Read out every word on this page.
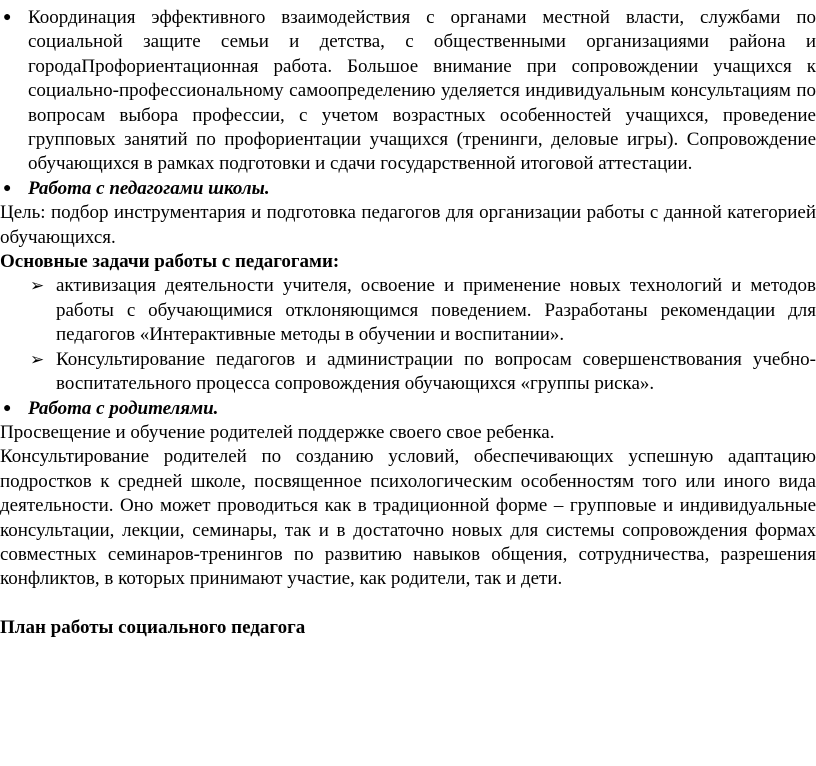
● Координация эффективного взаимодействия с органами местной власти, службами по социальной защите семьи и детства, с общественными организациями района и городаПрофориентационная работа. Большое внимание при сопровождении учащихся к социально-профессиональному самоопределению уделяется индивидуальным консультациям по вопросам выбора профессии, с учетом возрастных особенностей учащихся, проведение групповых занятий по профориентации учащихся (тренинги, деловые игры). Сопровождение обучающихся в рамках подготовки и сдачи государственной итоговой аттестации.
● Работа с педагогами школы.
Цель: подбор инструментария и подготовка педагогов для организации работы с данной категорией обучающихся.
Основные задачи работы с педагогами:
➢ активизация деятельности учителя, освоение и применение новых технологий и методов работы с обучающимися отклоняющимся поведением. Разработаны рекомендации для педагогов «Интерактивные методы в обучении и воспитании».
➢ Консультирование педагогов и администрации по вопросам совершенствования учебно-воспитательного процесса сопровождения обучающихся «группы риска».
● Работа с родителями.
Просвещение и обучение родителей поддержке своего свое ребенка.
Консультирование родителей по созданию условий, обеспечивающих успешную адаптацию подростков к средней школе, посвященное психологическим особенностям того или иного вида деятельности. Оно может проводиться как в традиционной форме – групповые и индивидуальные консультации, лекции, семинары, так и в достаточно новых для системы сопровождения формах совместных семинаров-тренингов по развитию навыков общения, сотрудничества, разрешения конфликтов, в которых принимают участие, как родители, так и дети.
План работы социального педагога
